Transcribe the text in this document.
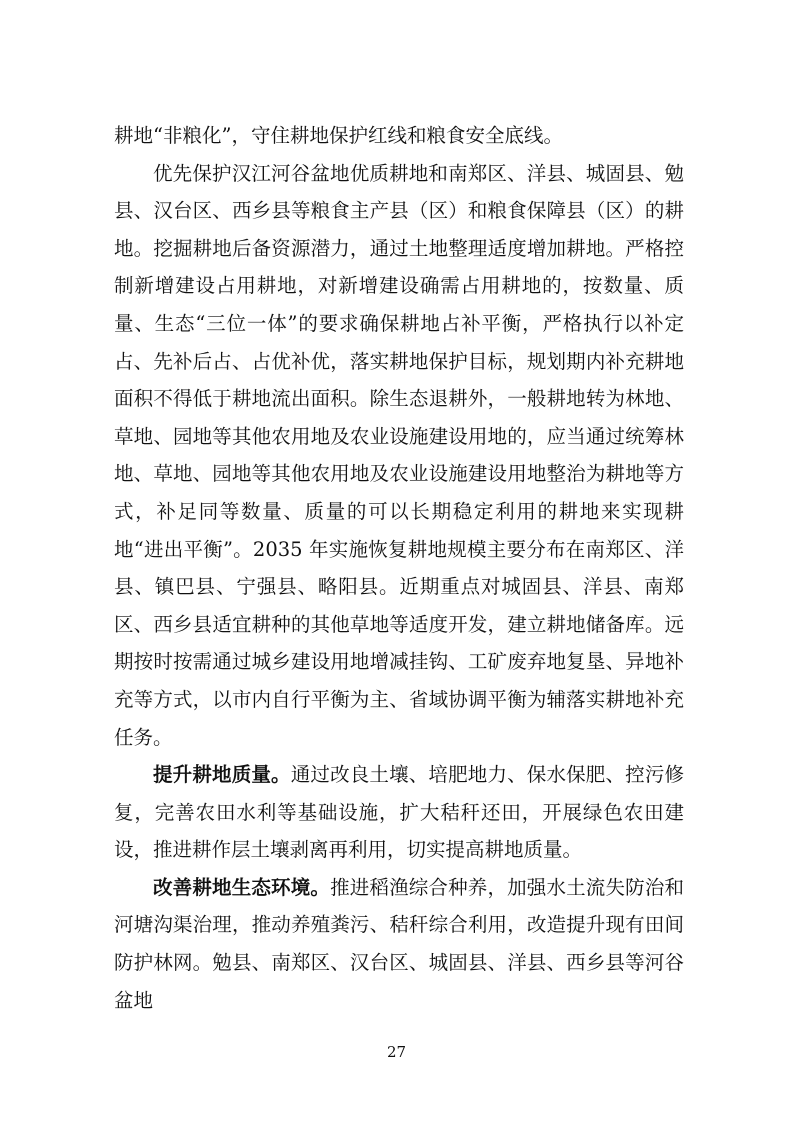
耕地“非粮化”，守住耕地保护红线和粮食安全底线。

优先保护汉江河谷盆地优质耕地和南郑区、洋县、城固县、勉县、汉台区、西乡县等粮食主产县（区）和粮食保障县（区）的耕地。挖掘耕地后备资源潜力，通过土地整理适度增加耕地。严格控制新增建设占用耕地，对新增建设确需占用耕地的，按数量、质量、生态“三位一体”的要求确保耕地占补平衡，严格执行以补定占、先补后占、占优补优，落实耕地保护目标，规划期内补充耕地面积不得低于耕地流出面积。除生态退耕外，一般耕地转为林地、草地、园地等其他农用地及农业设施建设用地的，应当通过统筹林地、草地、园地等其他农用地及农业设施建设用地整治为耕地等方式，补足同等数量、质量的可以长期稳定利用的耕地来实现耕地“进出平衡”。2035 年实施恢复耕地规模主要分布在南郑区、洋县、镇巴县、宁强县、略阳县。近期重点对城固县、洋县、南郑区、西乡县适宜耕种的其他草地等适度开发，建立耕地储备库。远期按时按需通过城乡建设用地增减挂钩、工矿废弃地复垦、异地补充等方式，以市内自行平衡为主、省域协调平衡为辅落实耕地补充任务。

提升耕地质量。通过改良土壤、培肥地力、保水保肥、控污修复，完善农田水利等基础设施，扩大秸秆还田，开展绿色农田建设，推进耕作层土壤剥离再利用，切实提高耕地质量。

改善耕地生态环境。推进稻渔综合种养，加强水土流失防治和河塘沟渠治理，推动养殖粪污、秸秆综合利用，改造提升现有田间防护林网。勉县、南郑区、汉台区、城固县、洋县、西乡县等河谷盆地

27
